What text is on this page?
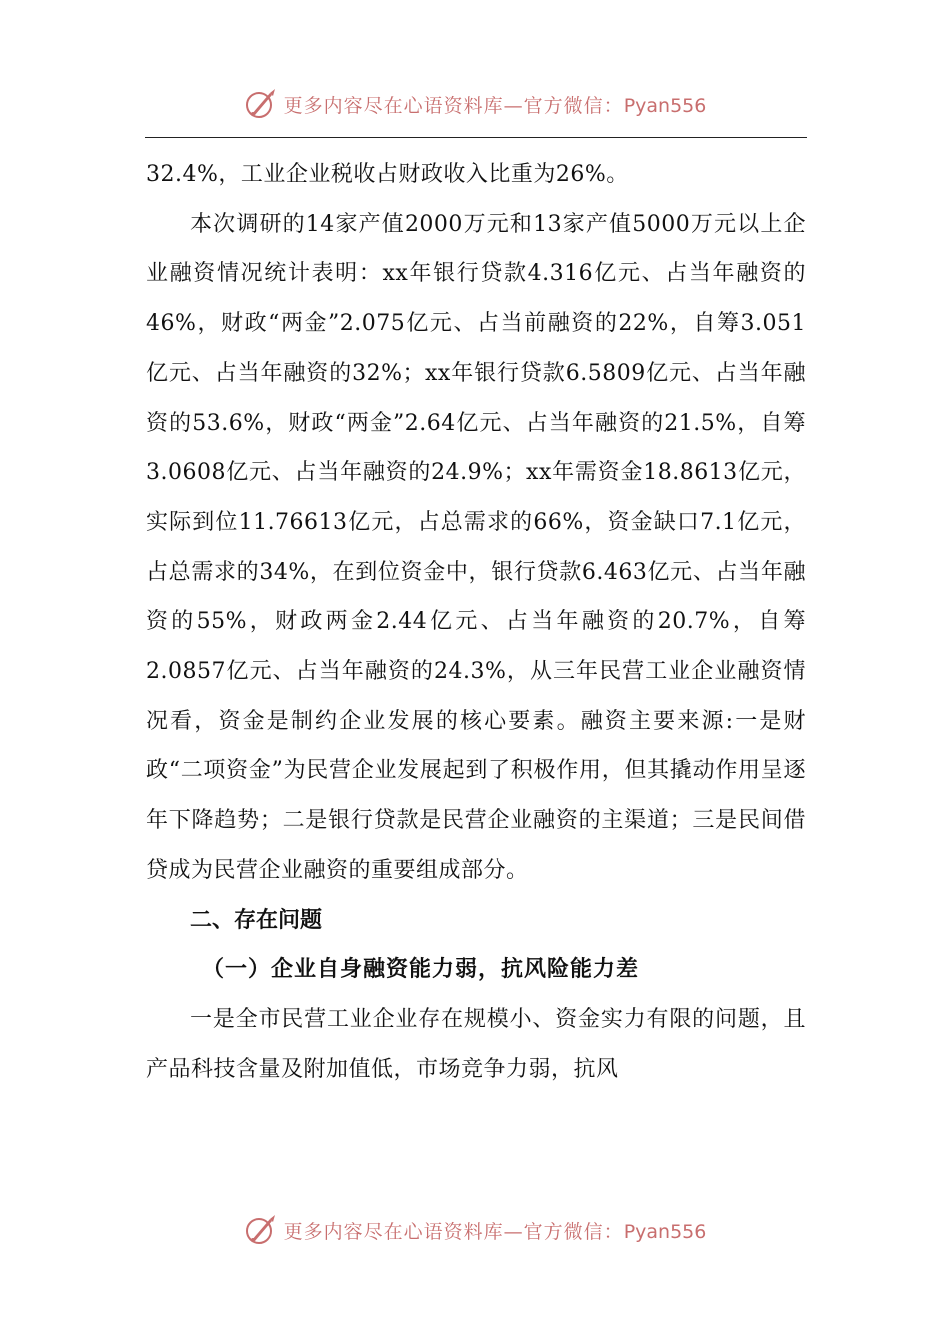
更多内容尽在心语资料库—官方微信：Pyan556

32.4%，工业企业税收占财政收入比重为26%。

本次调研的14家产值2000万元和13家产值5000万元以上企业融资情况统计表明：xx年银行贷款4.316亿元、占当年融资的46%，财政“两金”2.075亿元、占当前融资的22%，自筹3.051亿元、占当年融资的32%；xx年银行贷款6.5809亿元、占当年融资的53.6%，财政“两金”2.64亿元、占当年融资的21.5%，自筹3.0608亿元、占当年融资的24.9%；xx年需资金18.8613亿元，实际到位11.76613亿元，占总需求的66%，资金缺口7.1亿元，占总需求的34%，在到位资金中，银行贷款6.463亿元、占当年融资的55%，财政两金2.44亿元、占当年融资的20.7%，自筹2.0857亿元、占当年融资的24.3%，从三年民营工业企业融资情况看，资金是制约企业发展的核心要素。融资主要来源:一是财政“二项资金”为民营企业发展起到了积极作用，但其撬动作用呈逐年下降趋势；二是银行贷款是民营企业融资的主渠道；三是民间借贷成为民营企业融资的重要组成部分。

二、存在问题

（一）企业自身融资能力弱，抗风险能力差

一是全市民营工业企业存在规模小、资金实力有限的问题，且产品科技含量及附加值低，市场竞争力弱，抗风

更多内容尽在心语资料库—官方微信：Pyan556
